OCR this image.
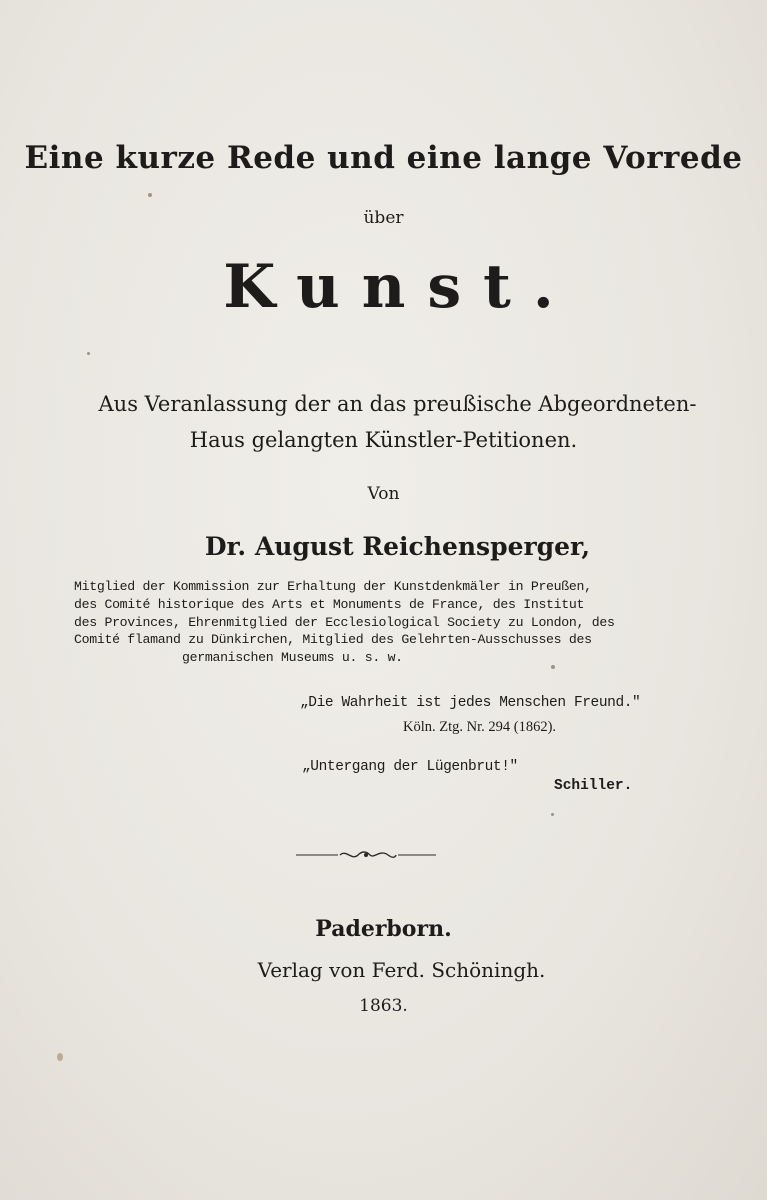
Eine kurze Rede und eine lange Vorrede
über
Kunst.
Aus Veranlassung der an das preußische Abgeordneten-
Haus gelangten Künstler-Petitionen.
Von
Dr. August Reichensperger,
Mitglied der Kommission zur Erhaltung der Kunstdenkmäler in Preußen,
des Comité historique des Arts et Monuments de France, des Institut
des Provinces, Ehrenmitglied der Ecclesiological Society zu London, des
Comité flamand zu Dünkirchen, Mitglied des Gelehrten-Ausschusses des
germanischen Museums u. s. w.
„Die Wahrheit ist jedes Menschen Freund."
Köln. Ztg. Nr. 294 (1862).
„Untergang der Lügenbrut!"
Schiller.
Paderborn.
Verlag von Ferd. Schöningh.
1863.
